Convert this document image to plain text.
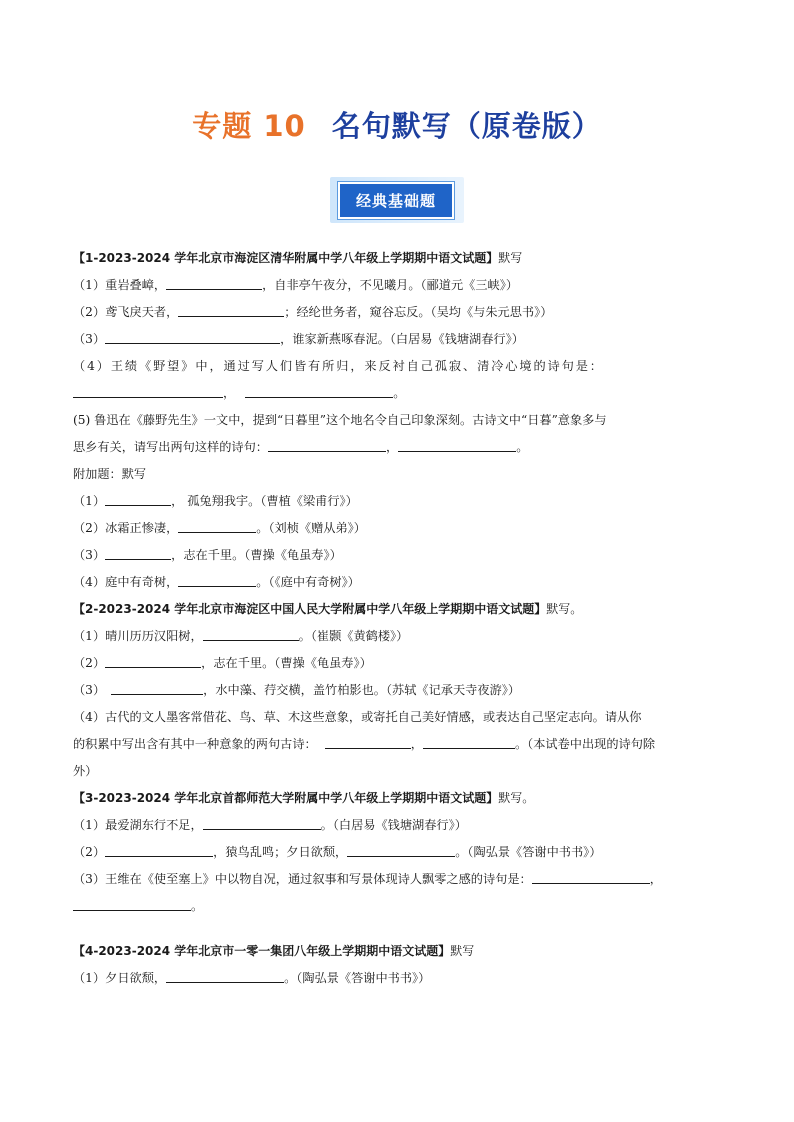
专题 10 名句默写（原卷版）
经典基础题
【1-2023-2024 学年北京市海淀区清华附属中学八年级上学期期中语文试题】默写
（1）重岩叠嶂，	，自非亭午夜分，不见曦月。（郦道元《三峡》）
（2）鸢飞戾天者，	；经纶世务者，窥谷忘反。（吴均《与朱元思书》）
（3）	，谁家新燕啄春泥。（白居易《钱塘湖春行》）
（4）王绩《野望》中，通过写人们皆有所归，来反衬自己孤寂、清冷心境的诗句是：
，	。
(5) 鲁迅在《藤野先生》一文中，提到“日暮里”这个地名令自己印象深刻。古诗文中“日暮”意象多与
思乡有关，请写出两句这样的诗句：	，	。
附加题：默写
（1）	， 孤兔翔我宇。（曹植《梁甫行》）
（2）冰霜正惨凄，	。（刘桢《赠从弟》）
（3）	，志在千里。（曹操《龟虽寿》）
（4）庭中有奇树，	。（《庭中有奇树》）
【2-2023-2024 学年北京市海淀区中国人民大学附属中学八年级上学期期中语文试题】默写。
（1）晴川历历汉阳树，	。（崔颢《黄鹤楼》）
（2）	，志在千里。（曹操《龟虽寿》）
（3）	，水中藻、荇交横，盖竹柏影也。（苏轼《记承天寺夜游》）
（4）古代的文人墨客常借花、鸟、草、木这些意象，或寄托自己美好情感，或表达自己坚定志向。请从你
的积累中写出含有其中一种意象的两句古诗：	，	。（本试卷中出现的诗句除
外）
【3-2023-2024 学年北京首都师范大学附属中学八年级上学期期中语文试题】默写。
（1）最爱湖东行不足，	。（白居易《钱塘湖春行》）
（2）	，猿鸟乱鸣；夕日欲颓，	。（陶弘景《答谢中书书》）
（3）王维在《使至塞上》中以物自况，通过叙事和写景体现诗人飘零之感的诗句是：	，
。
【4-2023-2024 学年北京市一零一集团八年级上学期期中语文试题】默写
（1）夕日欲颓，	。（陶弘景《答谢中书书》）
